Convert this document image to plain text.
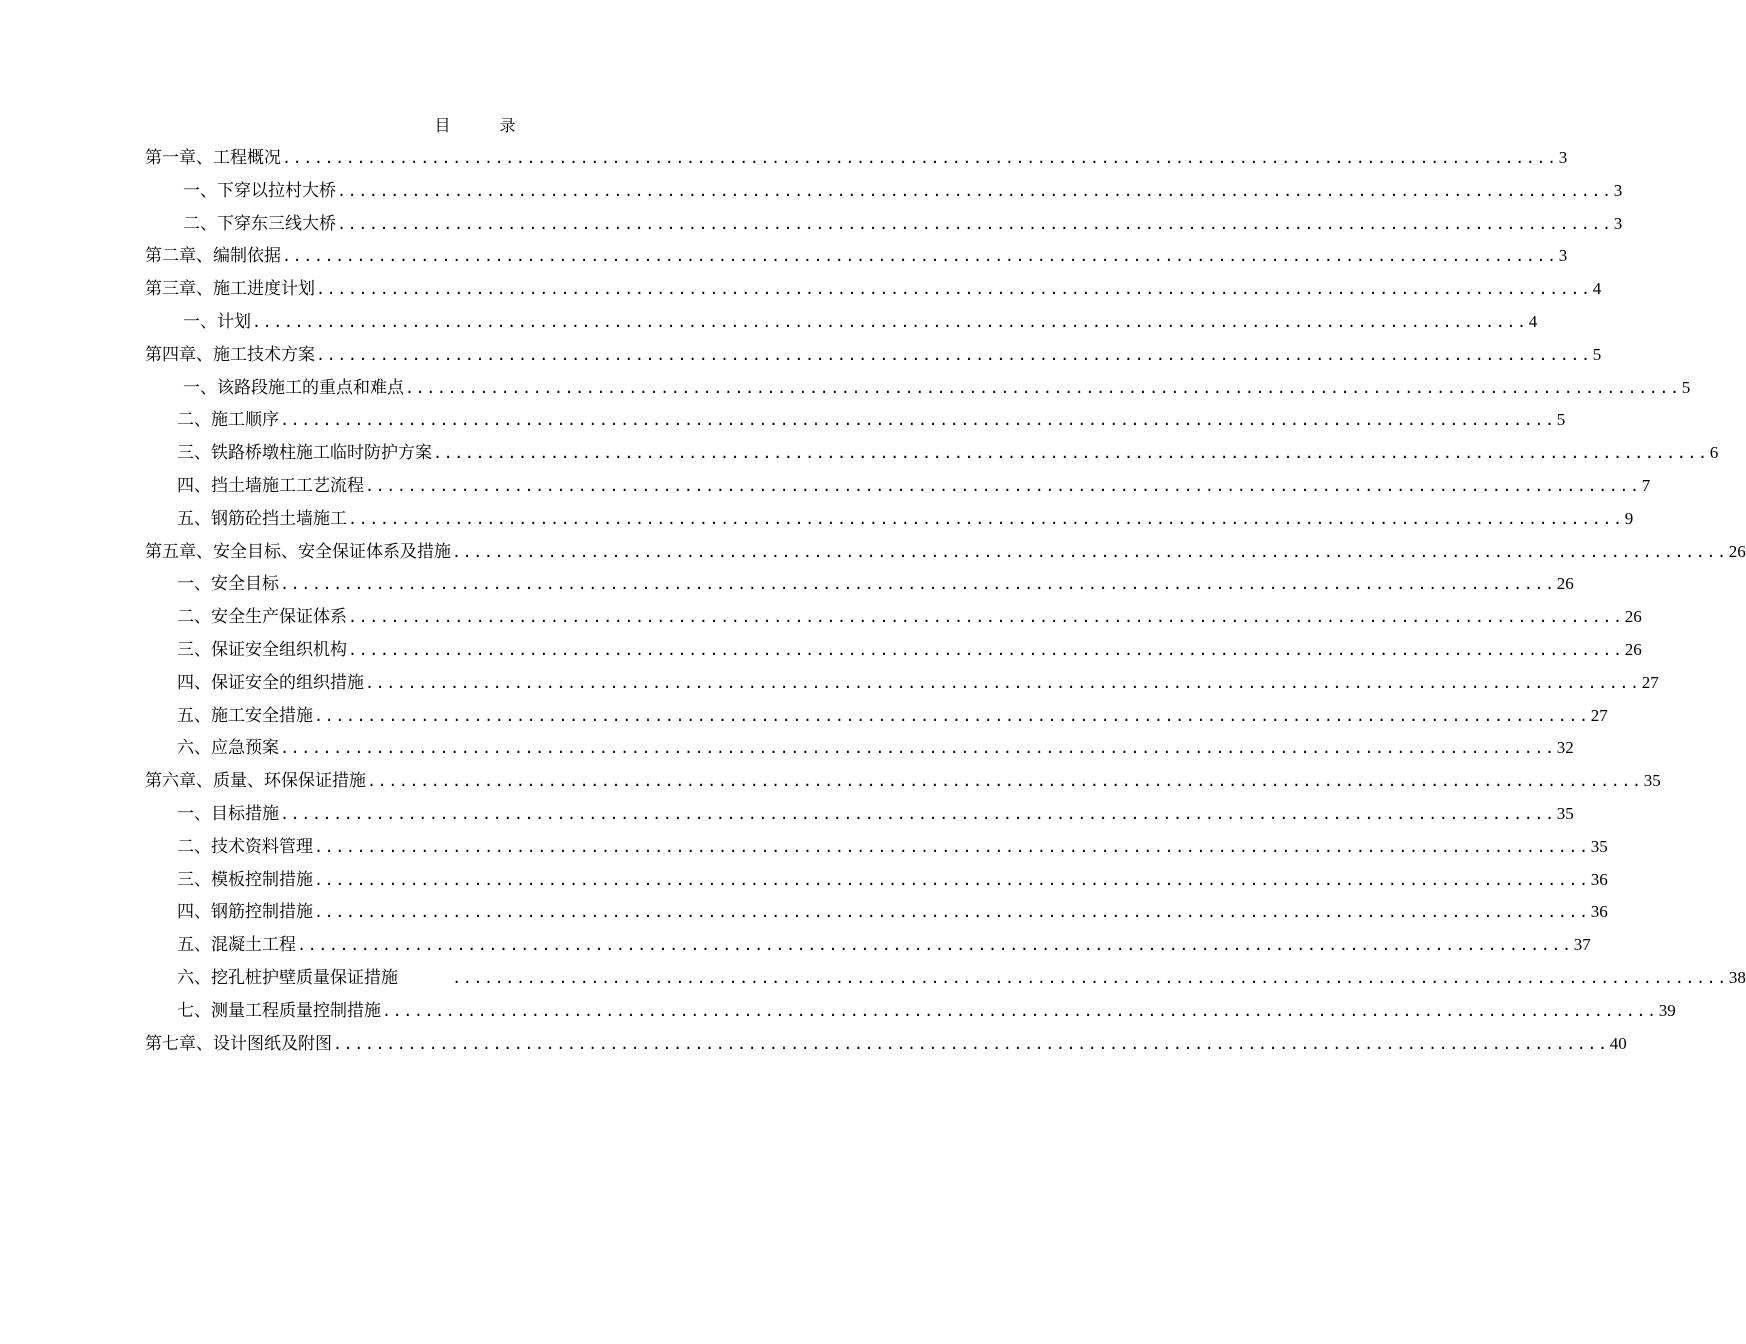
目 录
第一章、工程概况 ........................................................................................................................ 3
一、下穿以拉村大桥 ........................................................................................................................ 3
二、下穿东三线大桥 ........................................................................................................................ 3
第二章、编制依据 ........................................................................................................................ 3
第三章、施工进度计划 ........................................................................................................................ 4
一、计划 ........................................................................................................................ 4
第四章、施工技术方案 ........................................................................................................................ 5
一、该路段施工的重点和难点 ........................................................................................................................ 5
二、施工顺序 ........................................................................................................................ 5
三、铁路桥墩柱施工临时防护方案 ........................................................................................................................ 6
四、挡土墙施工工艺流程 ........................................................................................................................ 7
五、钢筋砼挡土墙施工 ........................................................................................................................ 9
第五章、安全目标、安全保证体系及措施 ........................................................................................................................ 26
一、安全目标 ........................................................................................................................ 26
二、安全生产保证体系 ........................................................................................................................ 26
三、保证安全组织机构 ........................................................................................................................ 26
四、保证安全的组织措施 ........................................................................................................................ 27
五、施工安全措施 ........................................................................................................................ 27
六、应急预案 ........................................................................................................................ 32
第六章、质量、环保保证措施 ........................................................................................................................ 35
一、目标措施 ........................................................................................................................ 35
二、技术资料管理 ........................................................................................................................ 35
三、模板控制措施 ........................................................................................................................ 36
四、钢筋控制措施 ........................................................................................................................ 36
五、混凝土工程 ........................................................................................................................ 37
六、挖孔桩护壁质量保证措施	........................................................................................................................ 38
七、测量工程质量控制措施 ........................................................................................................................ 39
第七章、设计图纸及附图 ........................................................................................................................ 40
